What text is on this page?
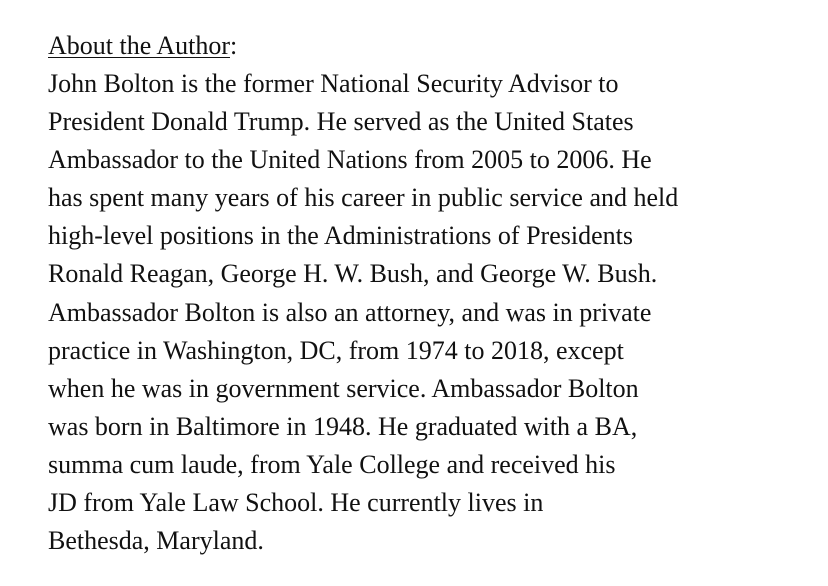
About the Author:
John Bolton is the former National Security Advisor to
President Donald Trump. He served as the United States
Ambassador to the United Nations from 2005 to 2006. He
has spent many years of his career in public service and held
high-level positions in the Administrations of Presidents
Ronald Reagan, George H. W. Bush, and George W. Bush.
Ambassador Bolton is also an attorney, and was in private
practice in Washington, DC, from 1974 to 2018, except
when he was in government service. Ambassador Bolton
was born in Baltimore in 1948. He graduated with a BA,
summa cum laude, from Yale College and received his
JD from Yale Law School. He currently lives in
Bethesda, Maryland.
